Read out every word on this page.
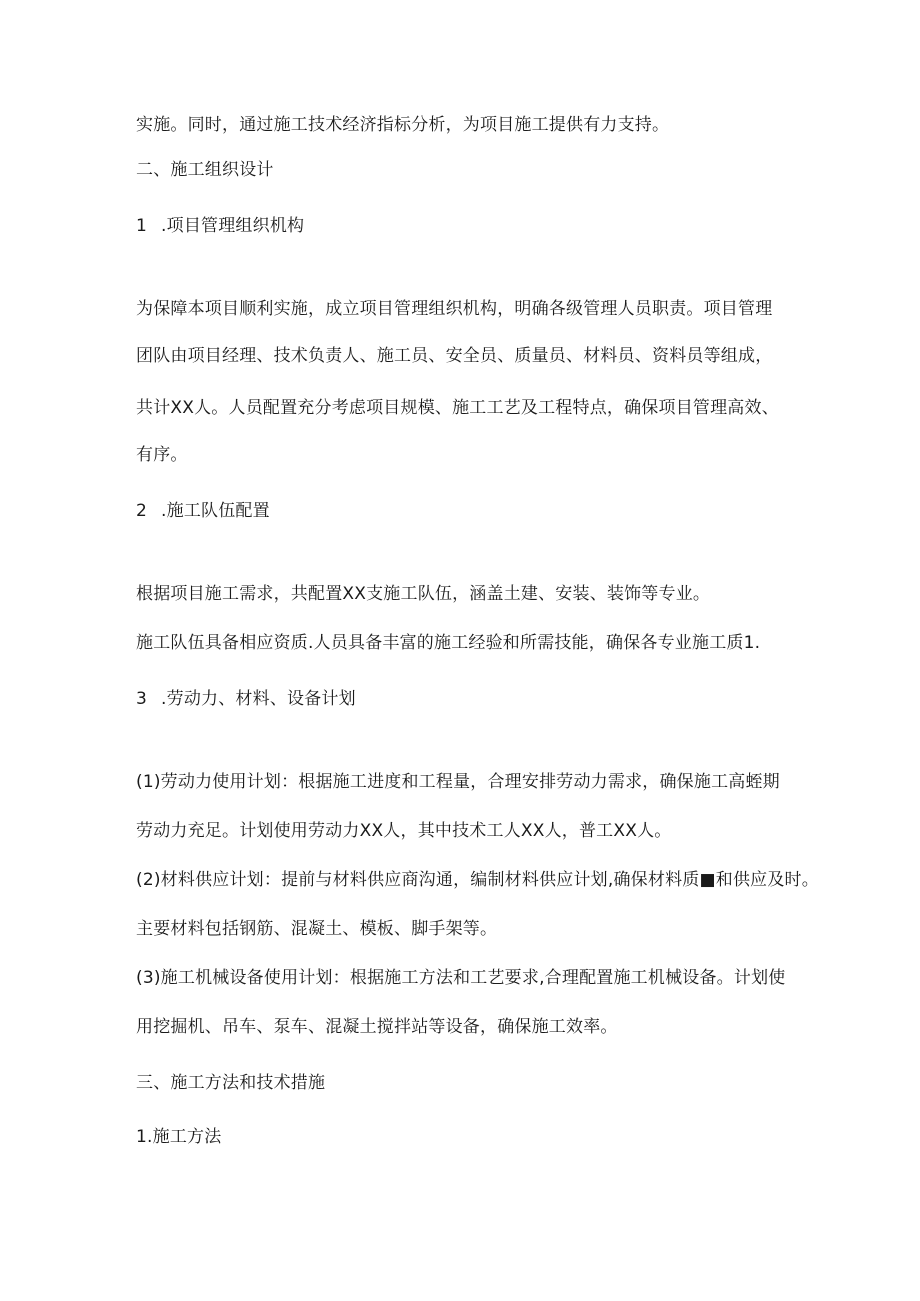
实施。同时，通过施工技术经济指标分析，为项目施工提供有力支持。
二、施工组织设计
1 .项目管理组织机构
为保障本项目顺利实施，成立项目管理组织机构，明确各级管理人员职责。项目管理
团队由项目经理、技术负责人、施工员、安全员、质量员、材料员、资料员等组成，
共计XX人。人员配置充分考虑项目规模、施工工艺及工程特点，确保项目管理高效、
有序。
2 .施工队伍配置
根据项目施工需求，共配置XX支施工队伍，涵盖土建、安装、装饰等专业。
施工队伍具备相应资质.人员具备丰富的施工经验和所需技能，确保各专业施工质1.
3 .劳动力、材料、设备计划
(1)劳动力使用计划：根据施工进度和工程量，合理安排劳动力需求，确保施工高蛭期
劳动力充足。计划使用劳动力XX人，其中技术工人XX人，普工XX人。
(2)材料供应计划：提前与材料供应商沟通，编制材料供应计划,确保材料质■和供应及时。
主要材料包括钢筋、混凝土、模板、脚手架等。
(3)施工机械设备使用计划：根据施工方法和工艺要求,合理配置施工机械设备。计划使
用挖掘机、吊车、泵车、混凝土搅拌站等设备，确保施工效率。
三、施工方法和技术措施
1.施工方法
